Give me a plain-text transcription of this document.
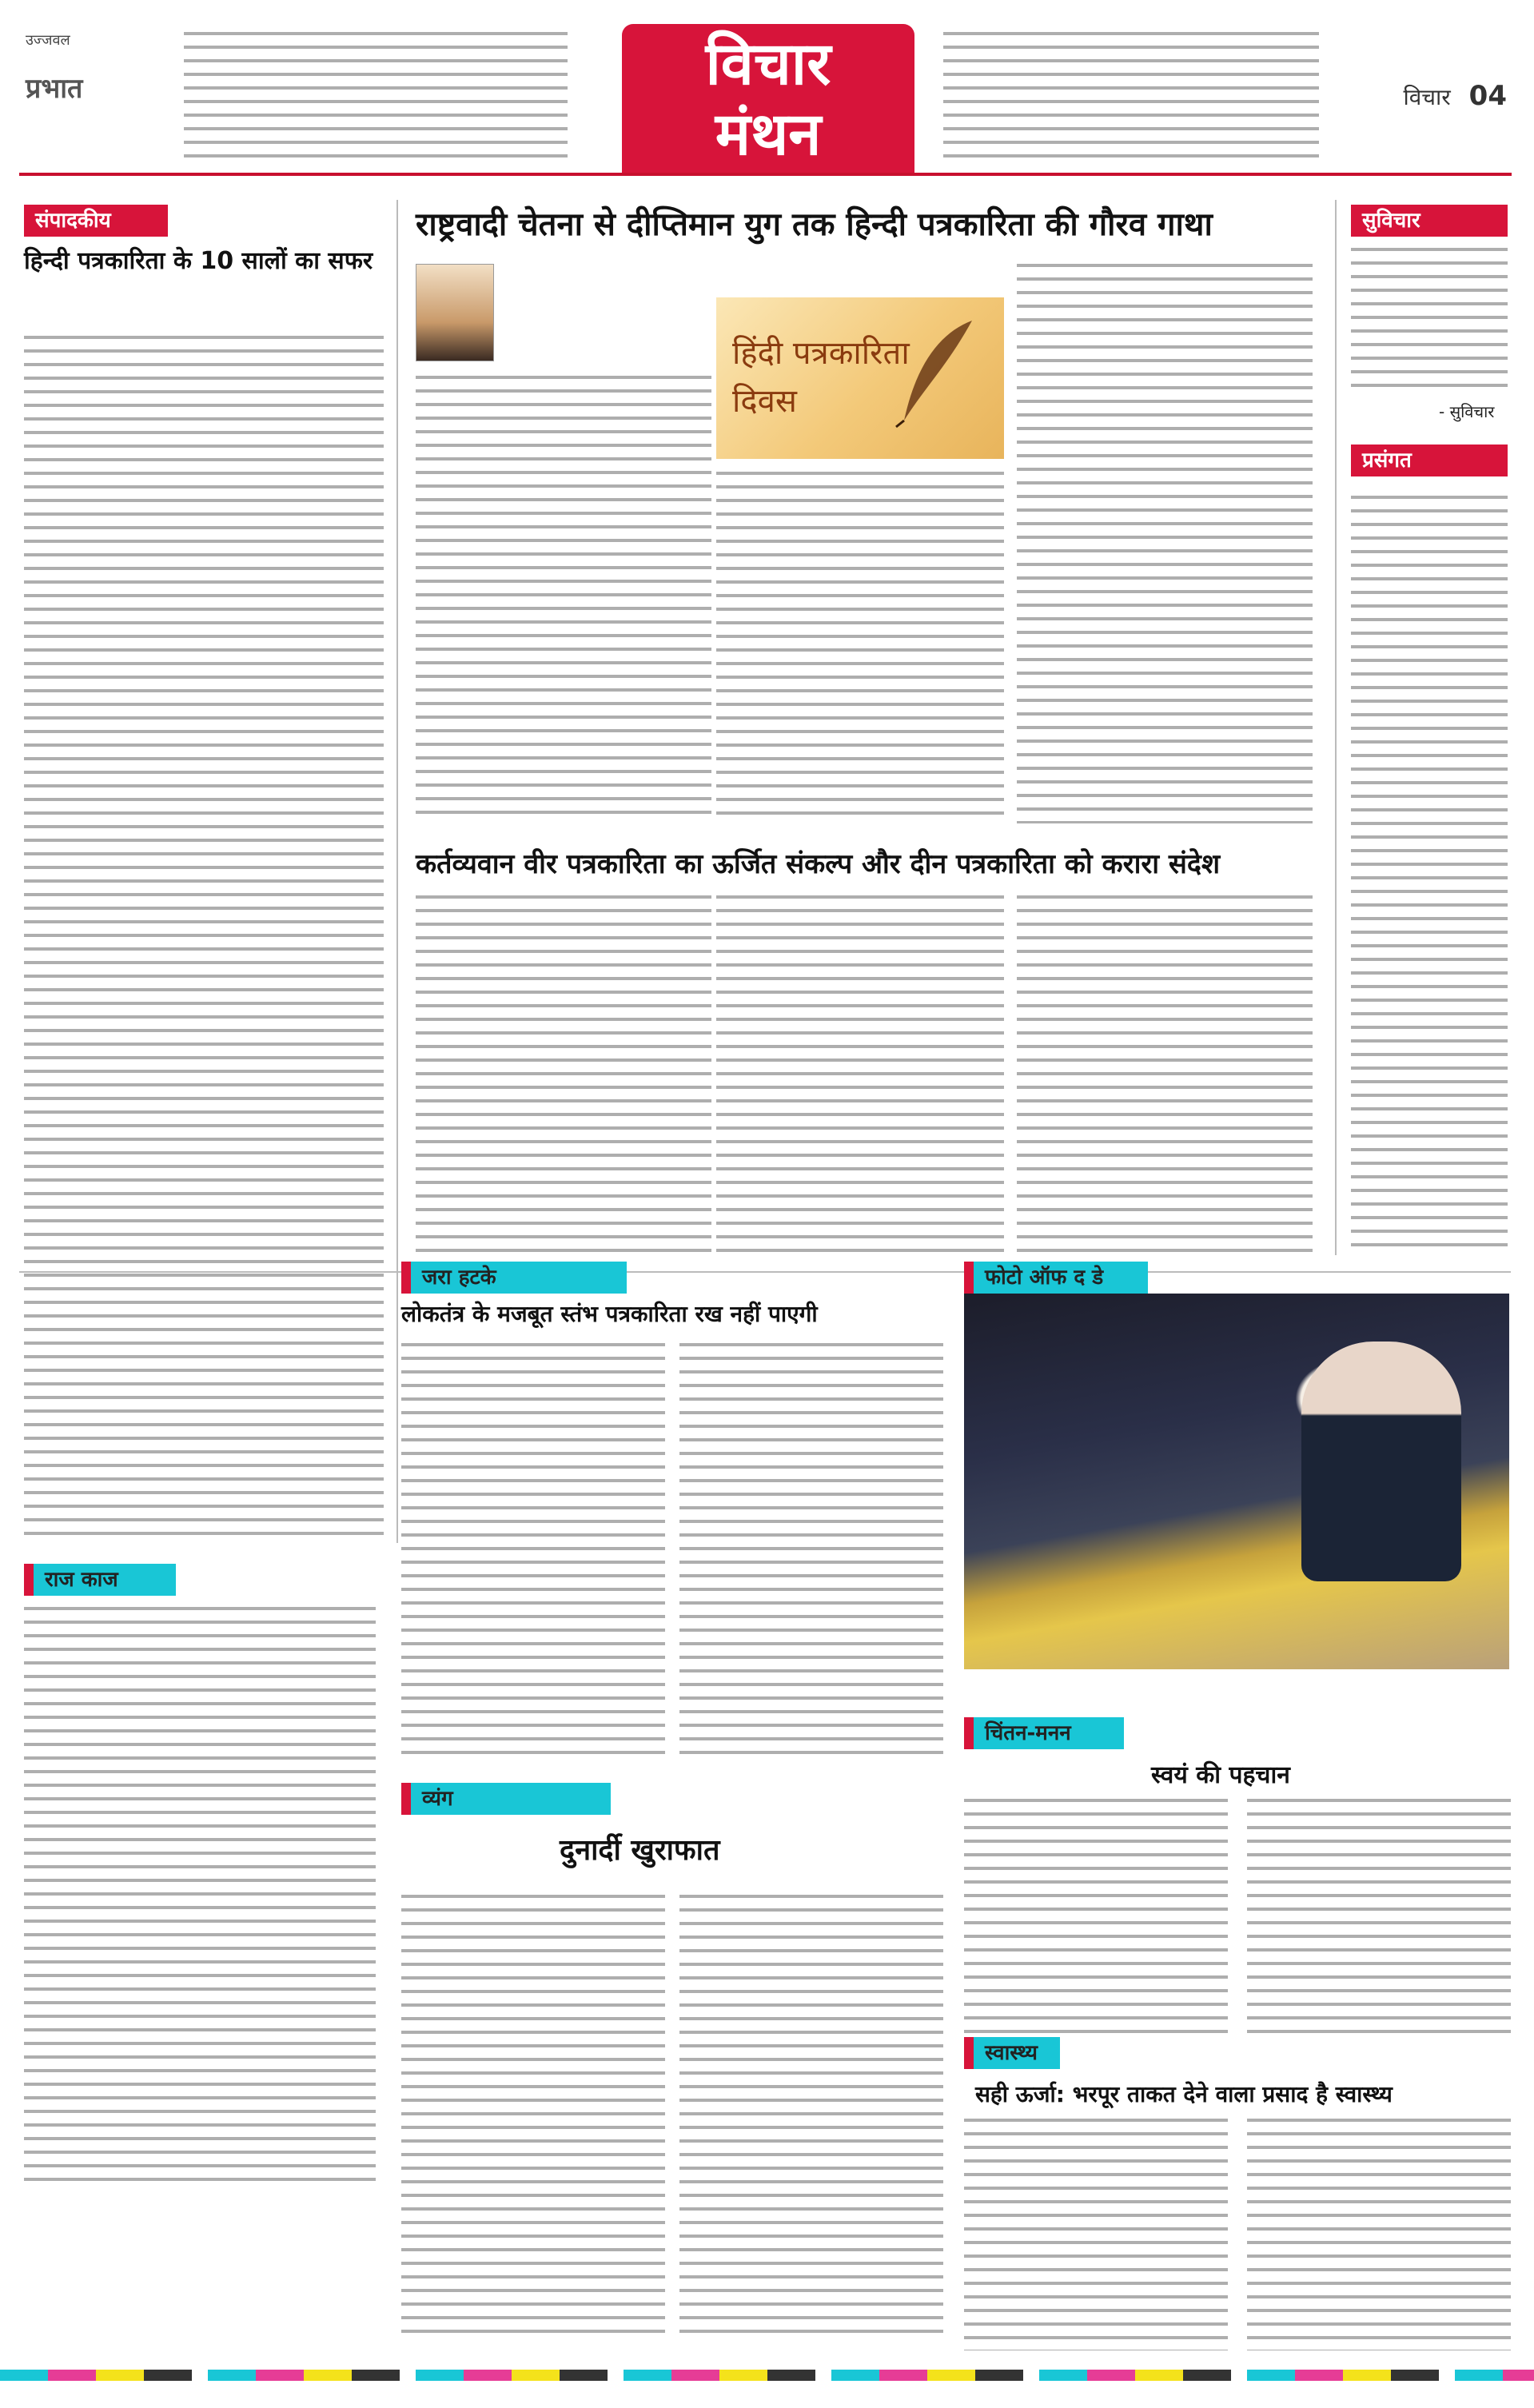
उज्जवल
प्रभात	विचार
मंथन
विचार 04
संपादकीय
हिन्दी पत्रकारिता के 10 सालों का सफर
राष्ट्रवादी चेतना से दीप्तिमान युग तक हिन्दी पत्रकारिता की गौरव गाथा
हिंदी पत्रकारिता
दिवस
कर्तव्यवान वीर पत्रकारिता का ऊर्जित संकल्प और दीन पत्रकारिता को करारा संदेश
सुविचार
- सुविचार
प्रसंगत
जरा हटके
लोकतंत्र के मजबूत स्तंभ पत्रकारिता रख नहीं पाएगी
फोटो ऑफ द डे
राज काज
व्यंग
दुनार्दी खुराफात
चिंतन-मनन
स्वयं की पहचान
स्वास्थ्य
सही ऊर्जा: भरपूर ताकत देने वाला प्रसाद है स्वास्थ्य
